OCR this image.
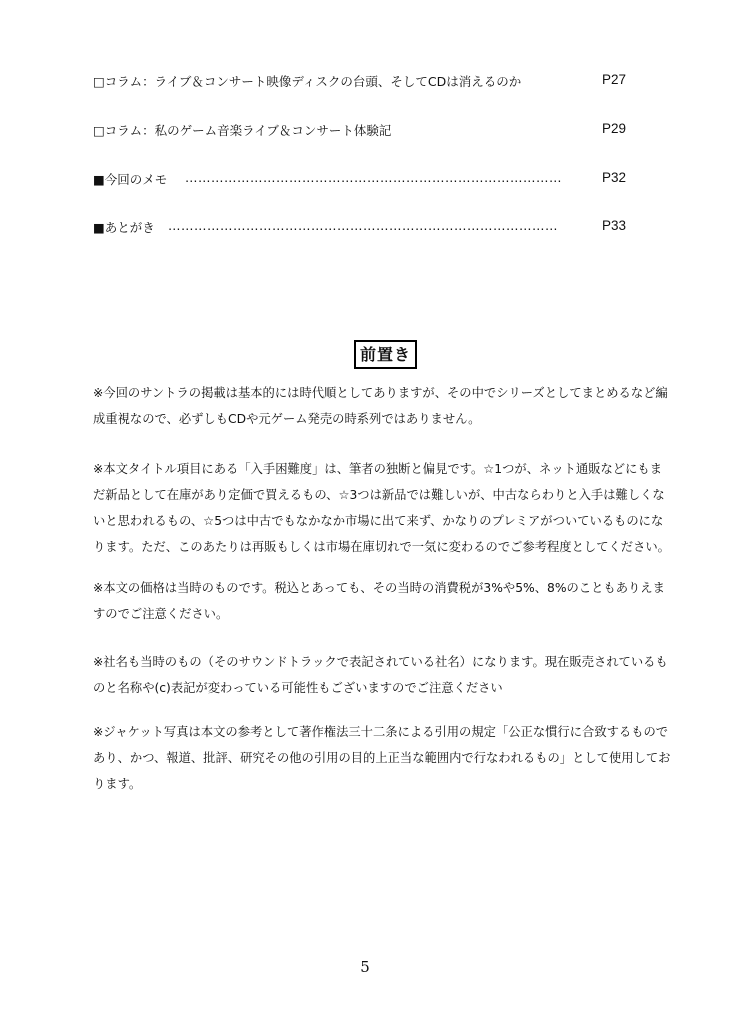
□コラム：ライブ＆コンサート映像ディスクの台頭、そしてCDは消えるのか	P27
□コラム：私のゲーム音楽ライブ＆コンサート体験記	P29
■今回のメモ ……………………………………………………………………………	P32
■あとがき ………………………………………………………………………………	P33
前置き

※今回のサントラの掲載は基本的には時代順としてありますが、その中でシリーズとしてまとめるなど編成重視なので、必ずしもCDや元ゲーム発売の時系列ではありません。

※本文タイトル項目にある「入手困難度」は、筆者の独断と偏見です。☆1つが、ネット通販などにもまだ新品として在庫があり定価で買えるもの、☆3つは新品では難しいが、中古ならわりと入手は難しくないと思われるもの、☆5つは中古でもなかなか市場に出て来ず、かなりのプレミアがついているものになります。ただ、このあたりは再販もしくは市場在庫切れで一気に変わるのでご参考程度としてください。

※本文の価格は当時のものです。税込とあっても、その当時の消費税が3%や5%、8%のこともありえますのでご注意ください。

※社名も当時のもの（そのサウンドトラックで表記されている社名）になります。現在販売されているものと名称や(c)表記が変わっている可能性もございますのでご注意ください

※ジャケット写真は本文の参考として著作権法三十二条による引用の規定「公正な慣行に合致するものであり、かつ、報道、批評、研究その他の引用の目的上正当な範囲内で行なわれるもの」として使用しております。

5
